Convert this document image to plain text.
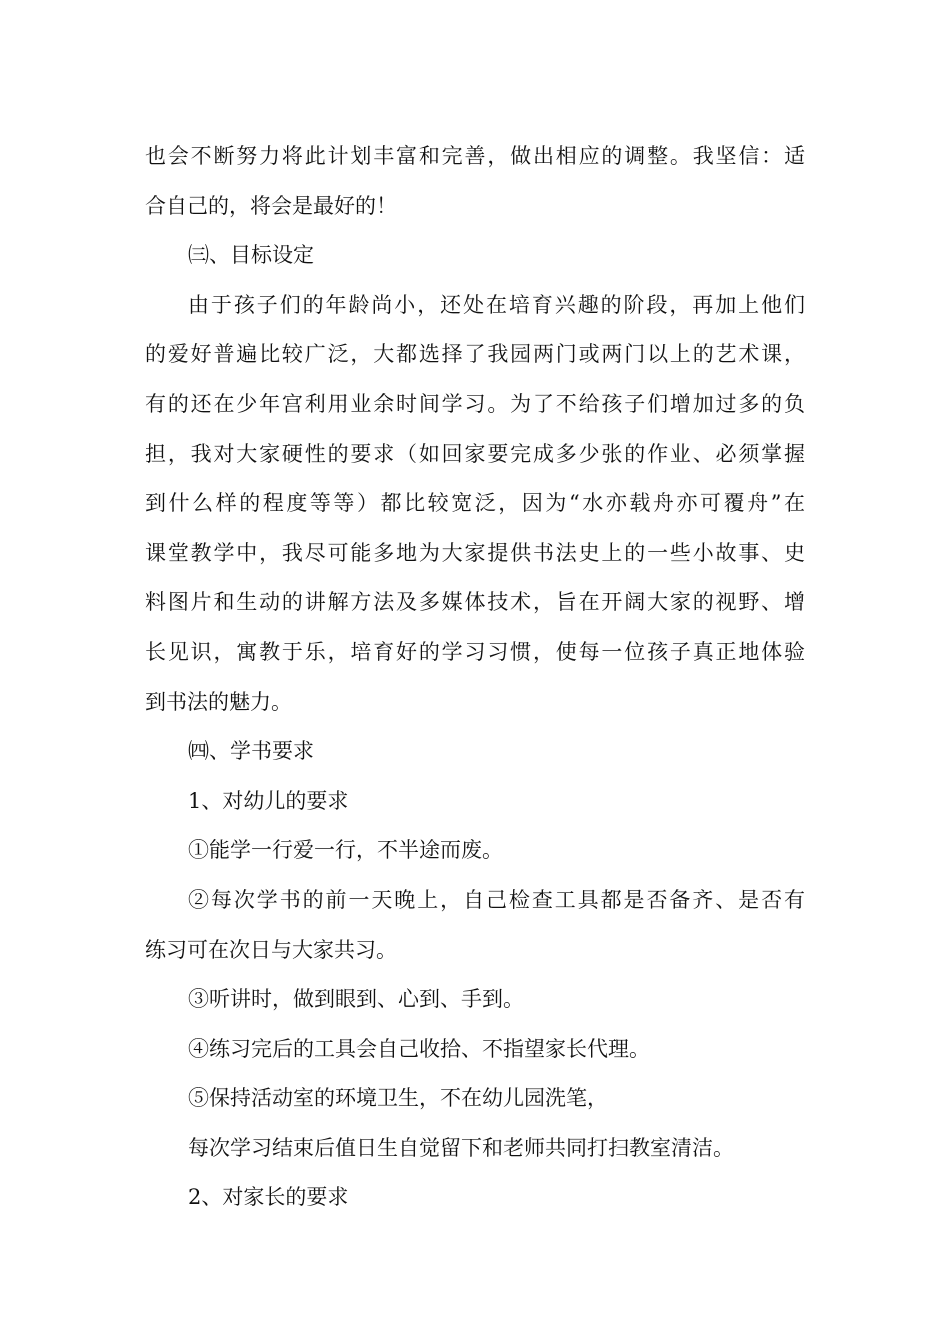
也会不断努力将此计划丰富和完善，做出相应的调整。我坚信：适
合自己的，将会是最好的！
㈢、目标设定
由于孩子们的年龄尚小，还处在培育兴趣的阶段，再加上他们
的爱好普遍比较广泛，大都选择了我园两门或两门以上的艺术课，
有的还在少年宫利用业余时间学习。为了不给孩子们增加过多的负
担，我对大家硬性的要求（如回家要完成多少张的作业、必须掌握
到什么样的程度等等）都比较宽泛，因为“水亦载舟亦可覆舟”在
课堂教学中，我尽可能多地为大家提供书法史上的一些小故事、史
料图片和生动的讲解方法及多媒体技术，旨在开阔大家的视野、增
长见识，寓教于乐，培育好的学习习惯，使每一位孩子真正地体验
到书法的魅力。
㈣、学书要求
1、对幼儿的要求
①能学一行爱一行，不半途而废。
②每次学书的前一天晚上，自己检查工具都是否备齐、是否有
练习可在次日与大家共习。
③听讲时，做到眼到、心到、手到。
④练习完后的工具会自己收拾、不指望家长代理。
⑤保持活动室的环境卫生，不在幼儿园洗笔，
每次学习结束后值日生自觉留下和老师共同打扫教室清洁。
2、对家长的要求
